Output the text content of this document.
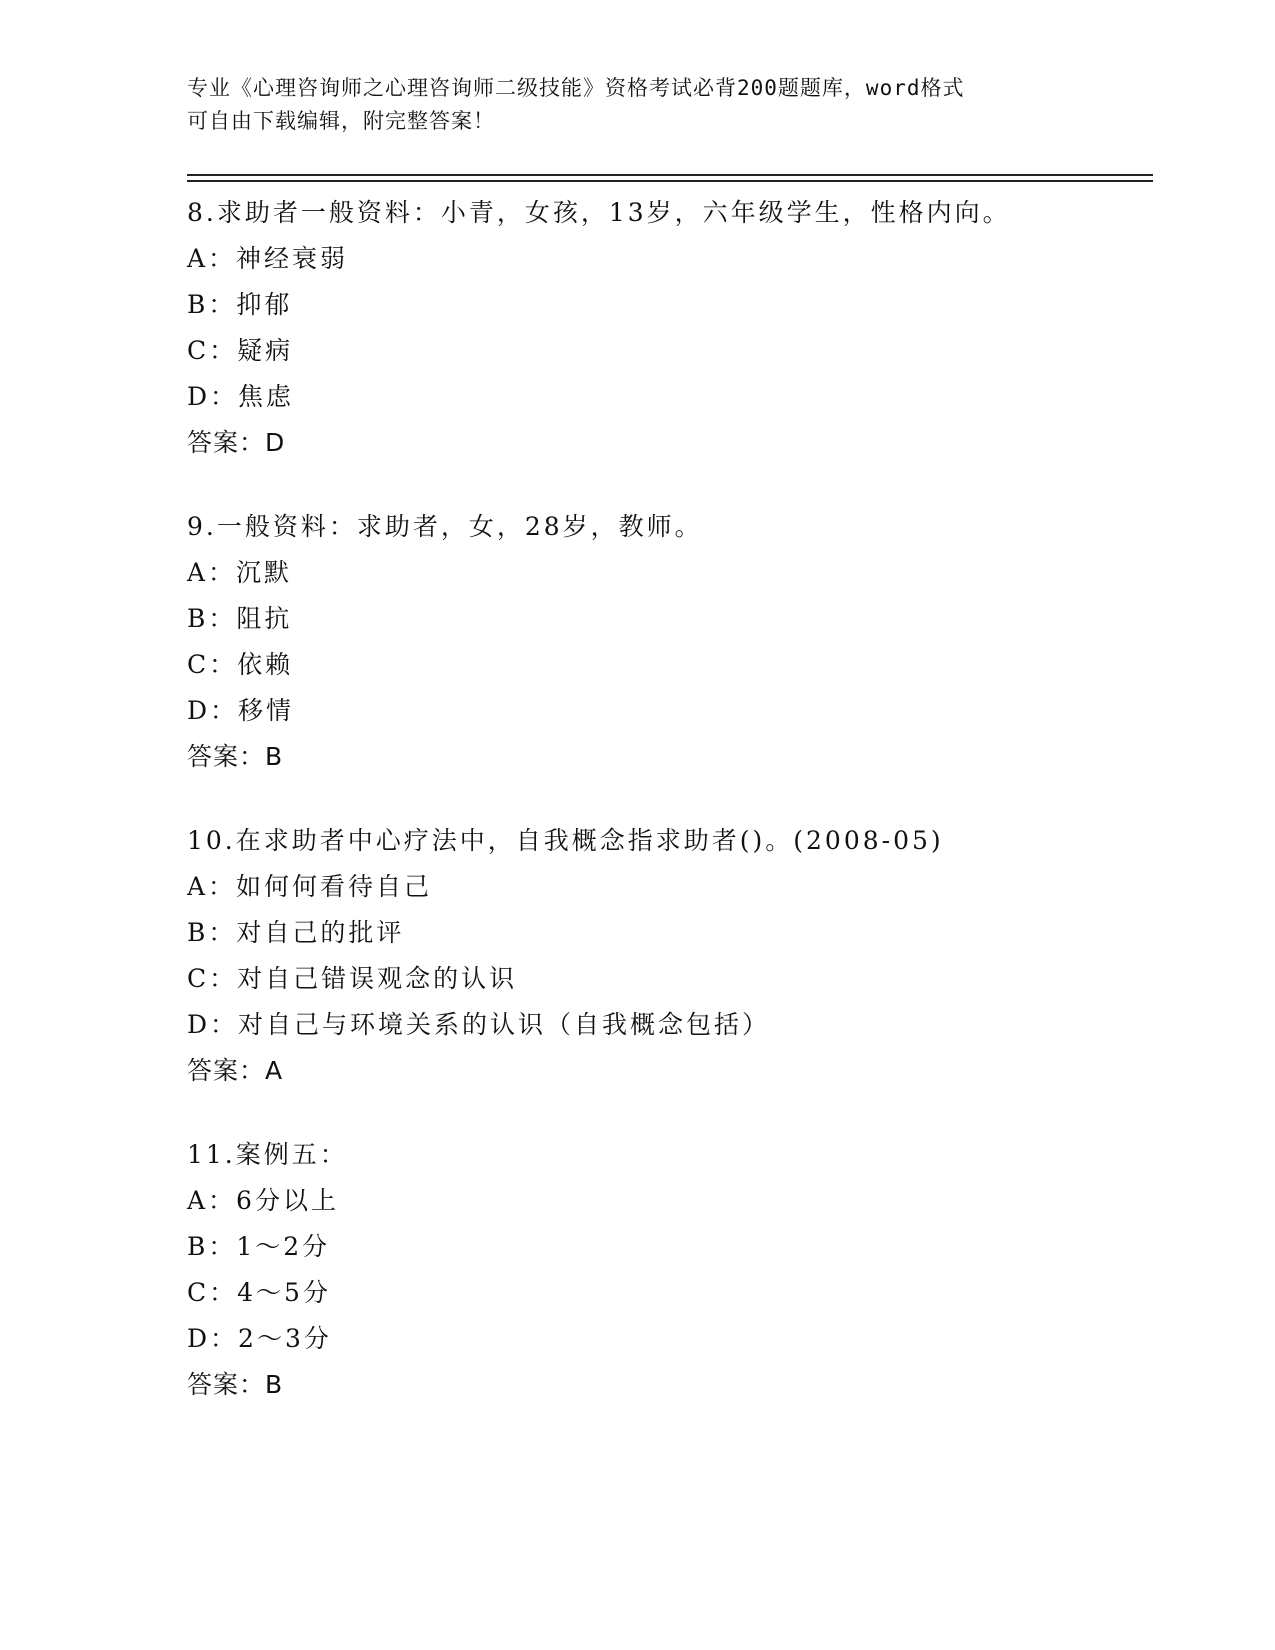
专业《心理咨询师之心理咨询师二级技能》资格考试必背200题题库，word格式
可自由下载编辑，附完整答案！
8.求助者一般资料：小青，女孩，13岁，六年级学生，性格内向。
A：神经衰弱
B：抑郁
C：疑病
D：焦虑
答案：D
9.一般资料：求助者，女，28岁，教师。
A：沉默
B：阻抗
C：依赖
D：移情
答案：B
10.在求助者中心疗法中，自我概念指求助者()。(2008-05)
A：如何何看待自己
B：对自己的批评
C：对自己错误观念的认识
D：对自己与环境关系的认识（自我概念包括）
答案：A
11.案例五：
A：6分以上
B：1～2分
C：4～5分
D：2～3分
答案：B
